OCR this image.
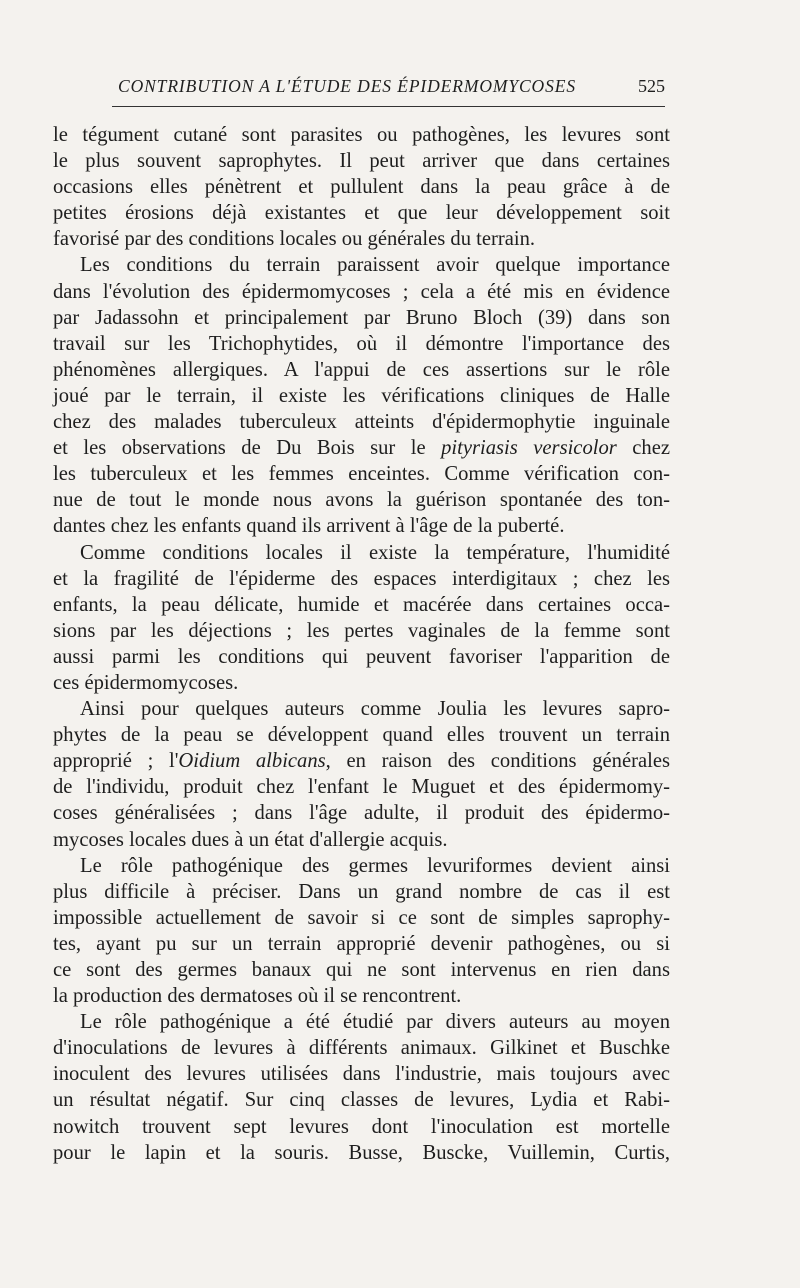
CONTRIBUTION A L'ÉTUDE DES ÉPIDERMOMYCOSES	525
le tégument cutané sont parasites ou pathogènes, les levures sont
le plus souvent saprophytes. Il peut arriver que dans certaines
occasions elles pénètrent et pullulent dans la peau grâce à de
petites érosions déjà existantes et que leur développement soit
favorisé par des conditions locales ou générales du terrain.
Les conditions du terrain paraissent avoir quelque importance
dans l'évolution des épidermomycoses ; cela a été mis en évidence
par Jadassohn et principalement par Bruno Bloch (39) dans son
travail sur les Trichophytides, où il démontre l'importance des
phénomènes allergiques. A l'appui de ces assertions sur le rôle
joué par le terrain, il existe les vérifications cliniques de Halle
chez des malades tuberculeux atteints d'épidermophytie inguinale
et les observations de Du Bois sur le pityriasis versicolor chez
les tuberculeux et les femmes enceintes. Comme vérification con-
nue de tout le monde nous avons la guérison spontanée des ton-
dantes chez les enfants quand ils arrivent à l'âge de la puberté.
Comme conditions locales il existe la température, l'humidité
et la fragilité de l'épiderme des espaces interdigitaux ; chez les
enfants, la peau délicate, humide et macérée dans certaines occa-
sions par les déjections ; les pertes vaginales de la femme sont
aussi parmi les conditions qui peuvent favoriser l'apparition de
ces épidermomycoses.
Ainsi pour quelques auteurs comme Joulia les levures sapro-
phytes de la peau se développent quand elles trouvent un terrain
approprié ; l'Oidium albicans, en raison des conditions générales
de l'individu, produit chez l'enfant le Muguet et des épidermomy-
coses généralisées ; dans l'âge adulte, il produit des épidermo-
mycoses locales dues à un état d'allergie acquis.
Le rôle pathogénique des germes levuriformes devient ainsi
plus difficile à préciser. Dans un grand nombre de cas il est
impossible actuellement de savoir si ce sont de simples saprophy-
tes, ayant pu sur un terrain approprié devenir pathogènes, ou si
ce sont des germes banaux qui ne sont intervenus en rien dans
la production des dermatoses où il se rencontrent.
Le rôle pathogénique a été étudié par divers auteurs au moyen
d'inoculations de levures à différents animaux. Gilkinet et Buschke
inoculent des levures utilisées dans l'industrie, mais toujours avec
un résultat négatif. Sur cinq classes de levures, Lydia et Rabi-
nowitch trouvent sept levures dont l'inoculation est mortelle
pour le lapin et la souris. Busse, Buscke, Vuillemin, Curtis,
